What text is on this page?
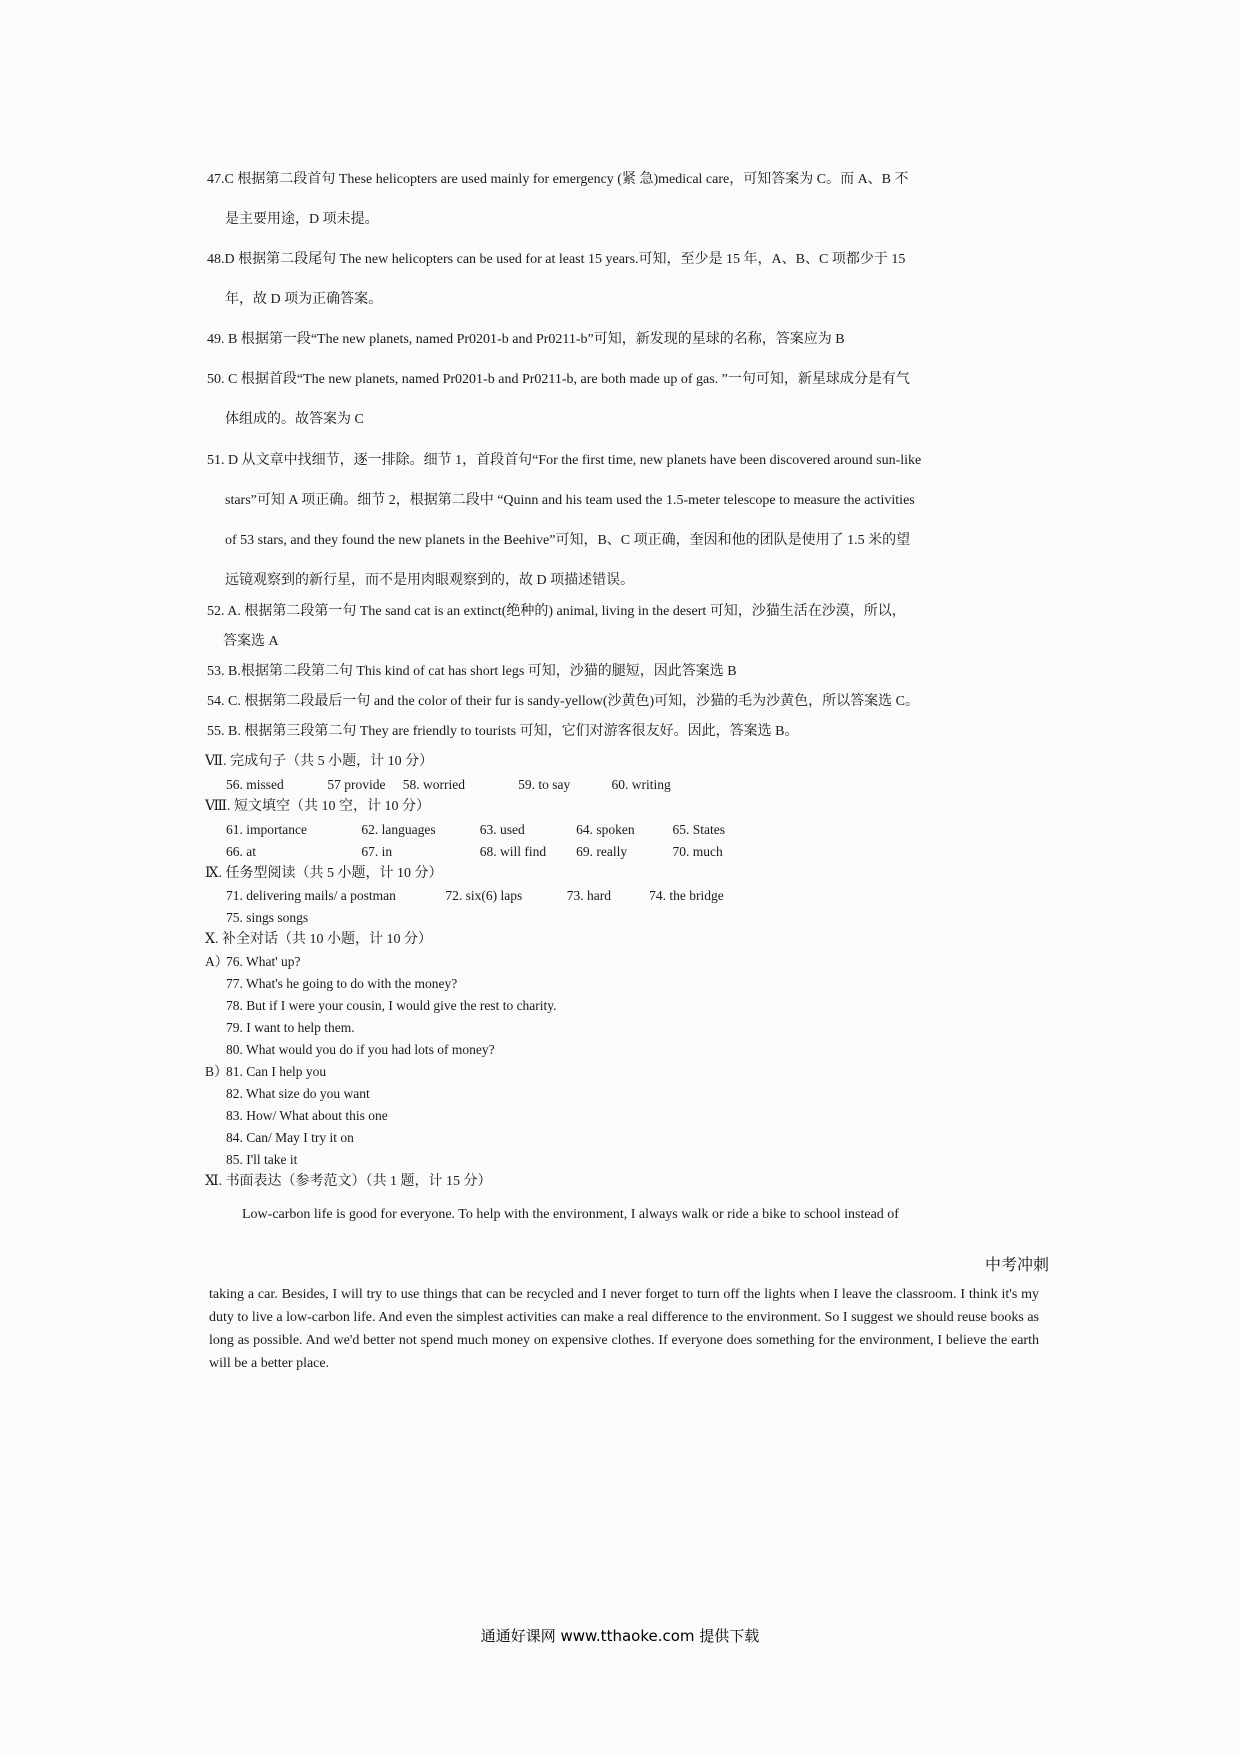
47.C 根据第二段首句 These helicopters are used mainly for emergency (紧 急)medical care，可知答案为 C。而 A、B 不
是主要用途，D 项未提。
48.D 根据第二段尾句 The new helicopters can be used for at least 15 years.可知，至少是 15 年，A、B、C 项都少于 15
年，故 D 项为正确答案。
49. B 根据第一段“The new planets, named Pr0201-b and Pr0211-b”可知，新发现的星球的名称，答案应为 B
50. C 根据首段“The new planets, named Pr0201-b and Pr0211-b, are both made up of gas. ”一句可知，新星球成分是有气
体组成的。故答案为 C
51. D 从文章中找细节，逐一排除。细节 1，首段首句“For the first time, new planets have been discovered around sun-like
stars”可知 A 项正确。细节 2，根据第二段中 “Quinn and his team used the 1.5-meter telescope to measure the activities
of 53 stars, and they found the new planets in the Beehive”可知，B、C 项正确，奎因和他的团队是使用了 1.5 米的望
远镜观察到的新行星，而不是用肉眼观察到的，故 D 项描述错误。
52. A. 根据第二段第一句 The sand cat is an extinct(绝种的) animal, living in the desert 可知，沙猫生活在沙漠，所以，
答案选 A
53. B.根据第二段第二句 This kind of cat has short legs 可知，沙猫的腿短，因此答案选 B
54. C. 根据第二段最后一句 and the color of their fur is sandy-yellow(沙黄色)可知，沙猫的毛为沙黄色，所以答案选 C。
55. B. 根据第三段第二句 They are friendly to tourists 可知，它们对游客很友好。因此，答案选 B。
Ⅶ. 完成句子（共 5 小题，计 10 分）
56. missed	57 provide 58. worried	59. to say	60. writing
Ⅷ. 短文填空（共 10 空，计 10 分）
61. importance	62. languages	63. used	64. spoken	65. States
66. at	67. in	68. will find 69. really	70. much
Ⅸ. 任务型阅读（共 5 小题，计 10 分）
71. delivering mails/ a postman	72. six(6) laps	73. hard	74. the bridge
75. sings songs
Ⅹ. 补全对话（共 10 小题，计 10 分）
A）
76. What' up?
77. What's he going to do with the money?
78. But if I were your cousin, I would give the rest to charity.
79. I want to help them.
80. What would you do if you had lots of money?
B）
81. Can I help you
82. What size do you want
83. How/ What about this one
84. Can/ May I try it on
85. I'll take it
Ⅺ. 书面表达（参考范文）（共 1 题，计 15 分）
Low-carbon life is good for everyone. To help with the environment, I always walk or ride a bike to school instead of
中考冲刺
taking a car. Besides, I will try to use things that can be recycled and I never forget to turn off the lights when I leave the classroom. I think it's my duty to live a low-carbon life. And even the simplest activities can make a real difference to the environment. So I suggest we should reuse books as long as possible. And we'd better not spend much money on expensive clothes. If everyone does something for the environment, I believe the earth will be a better place.
通通好课网 www.tthaoke.com 提供下载
